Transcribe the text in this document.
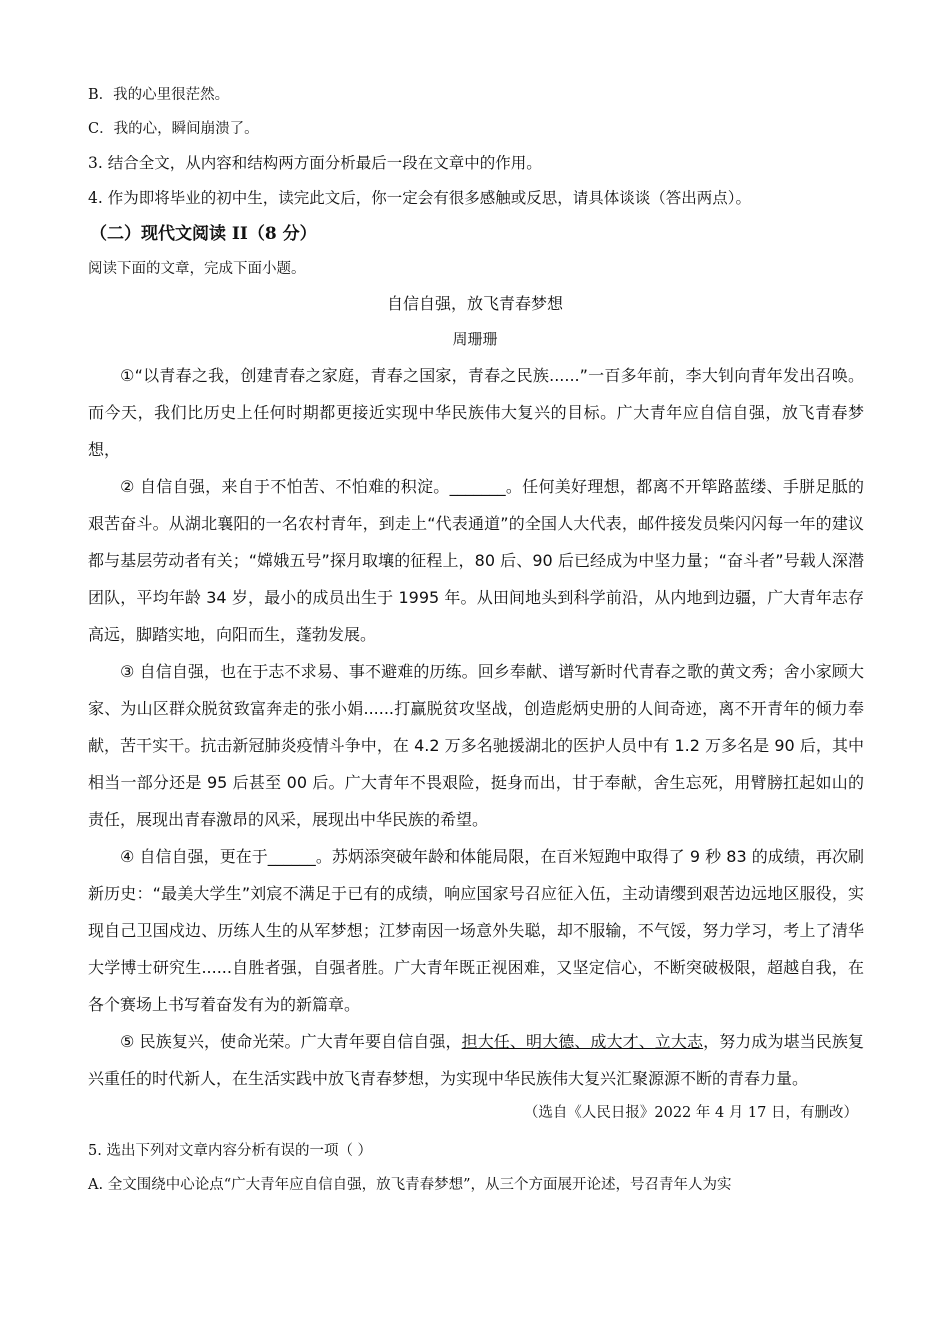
B．我的心里很茫然。
C．我的心，瞬间崩溃了。
3. 结合全文，从内容和结构两方面分析最后一段在文章中的作用。
4. 作为即将毕业的初中生，读完此文后，你一定会有很多感触或反思，请具体谈谈（答出两点）。
（二）现代文阅读 II（8 分）
阅读下面的文章，完成下面小题。
自信自强，放飞青春梦想
周珊珊

①“以青春之我，创建青春之家庭，青春之国家，青春之民族......”一百多年前，李大钊向青年发出召唤。而今天，我们比历史上任何时期都更接近实现中华民族伟大复兴的目标。广大青年应自信自强，放飞青春梦想，

② 自信自强，来自于不怕苦、不怕难的积淀。_______。任何美好理想，都离不开筚路蓝缕、手胼足胝的艰苦奋斗。从湖北襄阳的一名农村青年，到走上“代表通道”的全国人大代表，邮件接发员柴闪闪每一年的建议都与基层劳动者有关；“嫦娥五号”探月取壤的征程上，80 后、90 后已经成为中坚力量；“奋斗者”号载人深潜团队，平均年龄 34 岁，最小的成员出生于 1995 年。从田间地头到科学前沿，从内地到边疆，广大青年志存高远，脚踏实地，向阳而生，蓬勃发展。

③ 自信自强，也在于志不求易、事不避难的历练。回乡奉献、谱写新时代青春之歌的黄文秀；舍小家顾大家、为山区群众脱贫致富奔走的张小娟......打赢脱贫攻坚战，创造彪炳史册的人间奇迹，离不开青年的倾力奉献，苦干实干。抗击新冠肺炎疫情斗争中，在 4.2 万多名驰援湖北的医护人员中有 1.2 万多名是 90 后，其中相当一部分还是 95 后甚至 00 后。广大青年不畏艰险，挺身而出，甘于奉献，舍生忘死，用臂膀扛起如山的责任，展现出青春激昂的风采，展现出中华民族的希望。

④ 自信自强，更在于______。苏炳添突破年龄和体能局限，在百米短跑中取得了 9 秒 83 的成绩，再次刷新历史：“最美大学生”刘宸不满足于已有的成绩，响应国家号召应征入伍，主动请缨到艰苦边远地区服役，实现自己卫国戍边、历练人生的从军梦想；江梦南因一场意外失聪，却不服输，不气馁，努力学习，考上了清华大学博士研究生......自胜者强，自强者胜。广大青年既正视困难，又坚定信心，不断突破极限，超越自我，在各个赛场上书写着奋发有为的新篇章。

⑤ 民族复兴，使命光荣。广大青年要自信自强，担大任、明大德、成大才、立大志，努力成为堪当民族复兴重任的时代新人，在生活实践中放飞青春梦想，为实现中华民族伟大复兴汇聚源源不断的青春力量。

（选自《人民日报》2022 年 4 月 17 日，有删改）
5. 选出下列对文章内容分析有误的一项（ ）
A. 全文围绕中心论点“广大青年应自信自强，放飞青春梦想”，从三个方面展开论述，号召青年人为实
